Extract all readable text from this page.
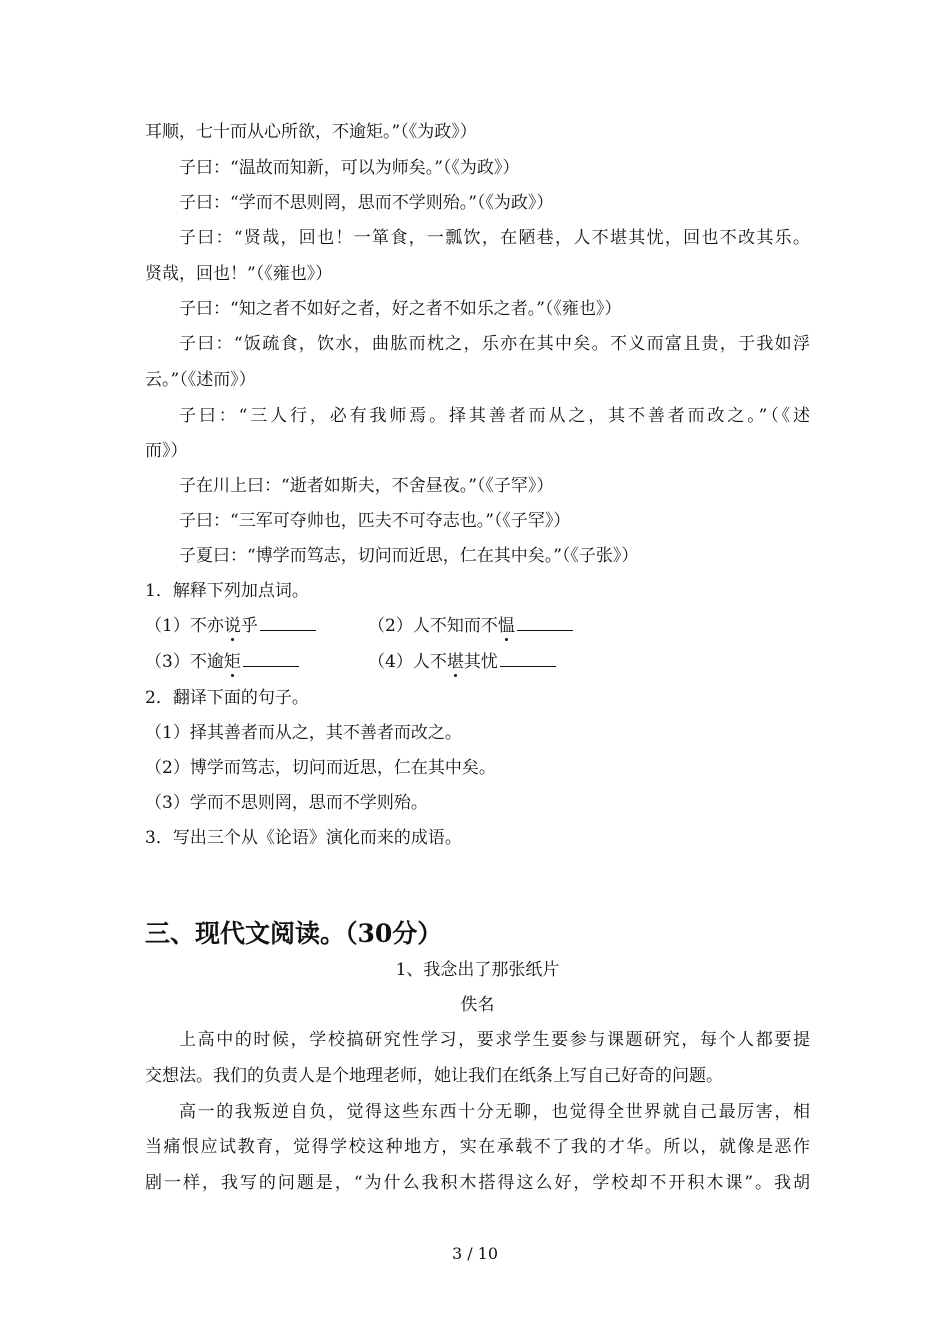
耳顺，七十而从心所欲，不逾矩。”（《为政》）
子曰：“温故而知新，可以为师矣。”（《为政》）
子曰：“学而不思则罔，思而不学则殆。”（《为政》）
子曰：“贤哉，回也！一箪食，一瓢饮，在陋巷，人不堪其忧，回也不改其乐。
贤哉，回也！”（《雍也》）
子曰：“知之者不如好之者，好之者不如乐之者。”（《雍也》）
子曰：“饭疏食，饮水，曲肱而枕之，乐亦在其中矣。不义而富且贵，于我如浮
云。”（《述而》）
子曰：“三人行，必有我师焉。择其善者而从之，其不善者而改之。”（《述
而》）
子在川上曰：“逝者如斯夫，不舍昼夜。”（《子罕》）
子曰：“三军可夺帅也，匹夫不可夺志也。”（《子罕》）
子夏曰：“博学而笃志，切问而近思，仁在其中矣。”（《子张》）
1．解释下列加点词。
（1）不亦说乎	（2）人不知而不愠
（3）不逾矩	（4）人不堪其忧
2．翻译下面的句子。
（1）择其善者而从之，其不善者而改之。
（2）博学而笃志，切问而近思，仁在其中矣。
（3）学而不思则罔，思而不学则殆。
3．写出三个从《论语》演化而来的成语。
三、现代文阅读。（30分）
1、我念出了那张纸片
佚名
上高中的时候，学校搞研究性学习，要求学生要参与课题研究，每个人都要提
交想法。我们的负责人是个地理老师，她让我们在纸条上写自己好奇的问题。
高一的我叛逆自负，觉得这些东西十分无聊，也觉得全世界就自己最厉害，相
当痛恨应试教育，觉得学校这种地方，实在承载不了我的才华。所以，就像是恶作
剧一样，我写的问题是，“为什么我积木搭得这么好，学校却不开积木课”。我胡
3 / 10
